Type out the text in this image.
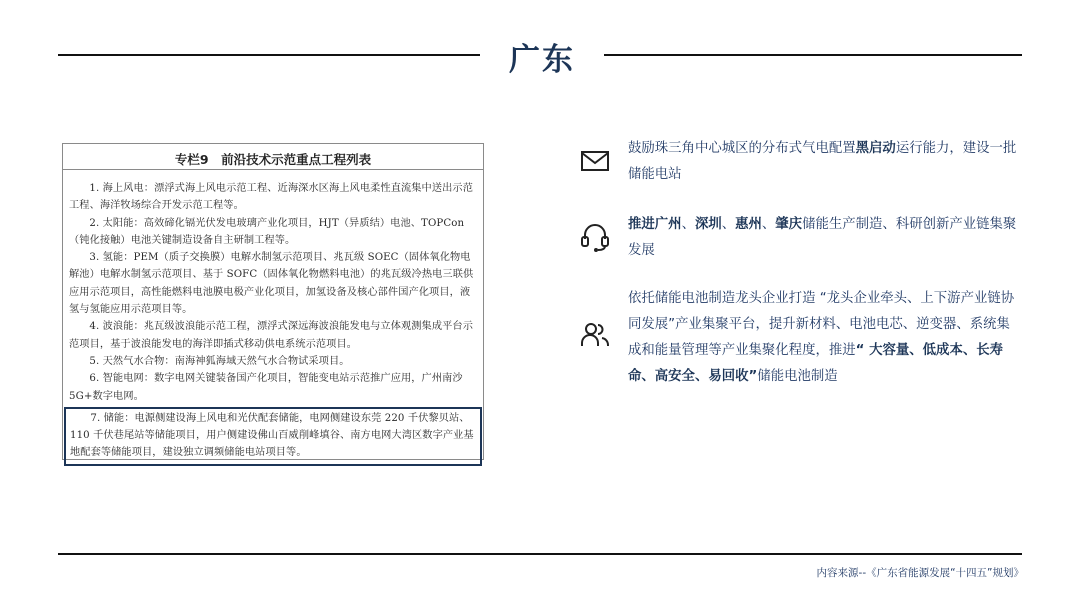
广东
专栏9　前沿技术示范重点工程列表
1. 海上风电：漂浮式海上风电示范工程、近海深水区海上风电柔性直流集中送出示范工程、海洋牧场综合开发示范工程等。
2. 太阳能：高效碲化镉光伏发电玻璃产业化项目，HJT（异质结）电池、TOPCon（钝化接触）电池关键制造设备自主研制工程等。
3. 氢能：PEM（质子交换膜）电解水制氢示范项目、兆瓦级 SOEC（固体氧化物电解池）电解水制氢示范项目、基于 SOFC（固体氧化物燃料电池）的兆瓦级冷热电三联供应用示范项目，高性能燃料电池膜电极产业化项目，加氢设备及核心部件国产化项目，液氢与氢能应用示范项目等。
4. 波浪能：兆瓦级波浪能示范工程，漂浮式深远海波浪能发电与立体观测集成平台示范项目，基于波浪能发电的海洋即插式移动供电系统示范项目。
5. 天然气水合物：南海神狐海域天然气水合物试采项目。
6. 智能电网：数字电网关键装备国产化项目，智能变电站示范推广应用，广州南沙 5G+数字电网。
7. 储能：电源侧建设海上风电和光伏配套储能，电网侧建设东莞 220 千伏黎贝站、110 千伏巷尾站等储能项目，用户侧建设佛山百威削峰填谷、南方电网大湾区数字产业基地配套等储能项目，建设独立调频储能电站项目等。
鼓励珠三角中心城区的分布式气电配置黑启动运行能力，建设一批储能电站
推进广州、深圳、惠州、肇庆储能生产制造、科研创新产业链集聚发展
依托储能电池制造龙头企业打造 “龙头企业牵头、上下游产业链协同发展”产业集聚平台，提升新材料、电池电芯、逆变器、系统集成和能量管理等产业集聚化程度，推进“ 大容量、低成本、长寿命、高安全、易回收”储能电池制造
内容来源--《广东省能源发展“十四五”规划》
